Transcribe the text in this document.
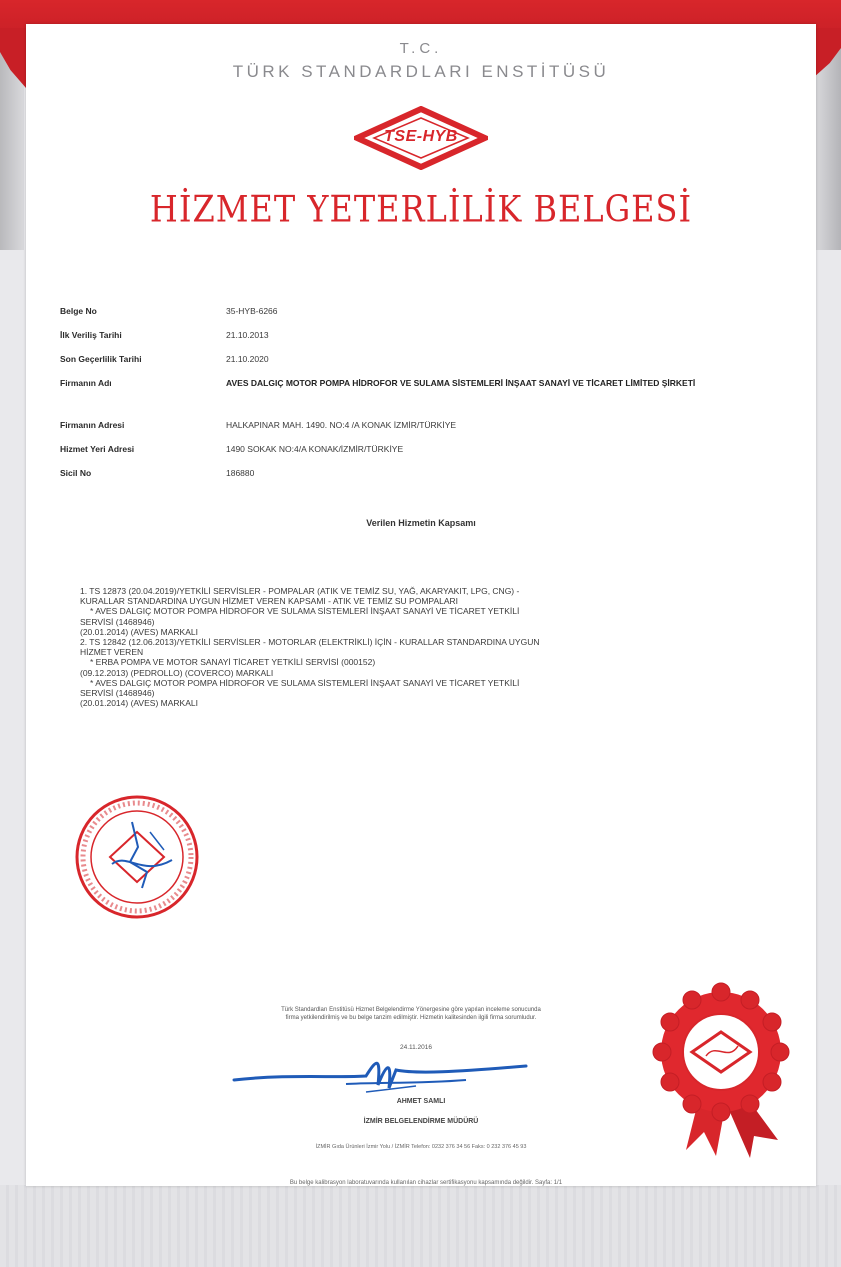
T.C.
TÜRK STANDARDLARI ENSTİTÜSÜ
TSE-HYB
HİZMET YETERLİLİK BELGESİ
Belge No	35-HYB-6266
İlk Veriliş Tarihi	21.10.2013
Son Geçerlilik Tarihi	21.10.2020
Firmanın Adı	AVES DALGIÇ MOTOR POMPA HİDROFOR VE SULAMA SİSTEMLERİ İNŞAAT SANAYİ VE TİCARET LİMİTED ŞİRKETİ
Firmanın Adresi	HALKAPINAR MAH. 1490. NO:4 /A KONAK İZMİR/TÜRKİYE
Hizmet Yeri Adresi	1490 SOKAK NO:4/A KONAK/İZMİR/TÜRKİYE
Sicil No	186880
Verilen Hizmetin Kapsamı

1. TS 12873 (20.04.2019)/YETKİLİ SERVİSLER - POMPALAR (ATIK VE TEMİZ SU, YAĞ, AKARYAKIT, LPG, CNG) -

KURALLAR STANDARDINA UYGUN HİZMET VEREN KAPSAMI - ATIK VE TEMİZ SU POMPALARI

* AVES DALGIÇ MOTOR POMPA HİDROFOR VE SULAMA SİSTEMLERİ İNŞAAT SANAYİ VE TİCARET YETKİLİ

SERVİSİ (1468946)

(20.01.2014) (AVES) MARKALI

2. TS 12842 (12.06.2013)/YETKİLİ SERVİSLER - MOTORLAR (ELEKTRİKLİ) İÇİN - KURALLAR STANDARDINA UYGUN

HİZMET VEREN

* ERBA POMPA VE MOTOR SANAYİ TİCARET YETKİLİ SERVİSİ (000152)

(09.12.2013) (PEDROLLO) (COVERCO) MARKALI

* AVES DALGIÇ MOTOR POMPA HİDROFOR VE SULAMA SİSTEMLERİ İNŞAAT SANAYİ VE TİCARET YETKİLİ

SERVİSİ (1468946)

(20.01.2014) (AVES) MARKALI

Türk Standardları Enstitüsü Hizmet Belgelendirme Yönergesine göre yapılan inceleme sonucunda
firma yetkilendirilmiş ve bu belge tanzim edilmiştir. Hizmetin kalitesinden ilgili firma sorumludur.
24.11.2016
AHMET SAMLI
İZMİR BELGELENDİRME MÜDÜRÜ
İZMİR Gıda Ürünleri İzmir Yolu / İZMİR Telefon: 0232 376 34 56 Faks: 0 232 376 45 93
Bu belge kalibrasyon laboratuvarında kullanılan cihazlar sertifikasyonu kapsamında değildir. Sayfa: 1/1
